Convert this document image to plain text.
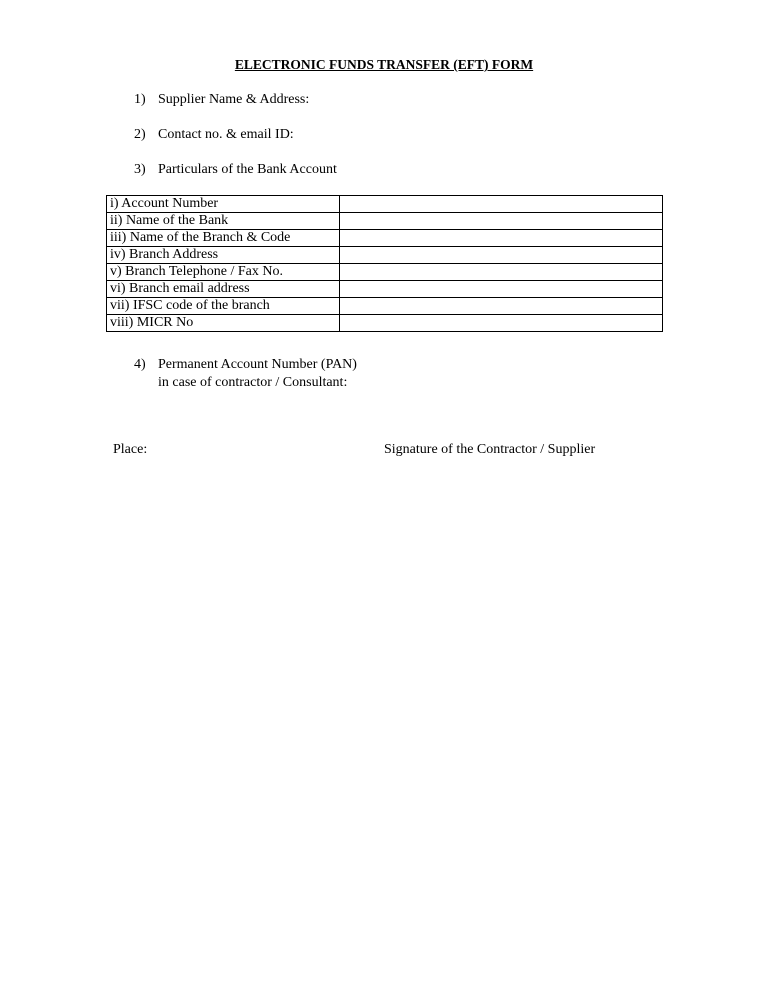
ELECTRONIC FUNDS TRANSFER (EFT) FORM
1) Supplier Name & Address:
2) Contact no. & email ID:
3) Particulars of the Bank Account
i) Account Number	
ii) Name of the Bank	
iii) Name of the Branch & Code	
iv) Branch Address	
v) Branch Telephone / Fax No.	
vi) Branch email address	
vii) IFSC code of the branch	
viii) MICR No	
4) Permanent Account Number (PAN)
in case of contractor / Consultant:
Place:	Signature of the Contractor / Supplier
